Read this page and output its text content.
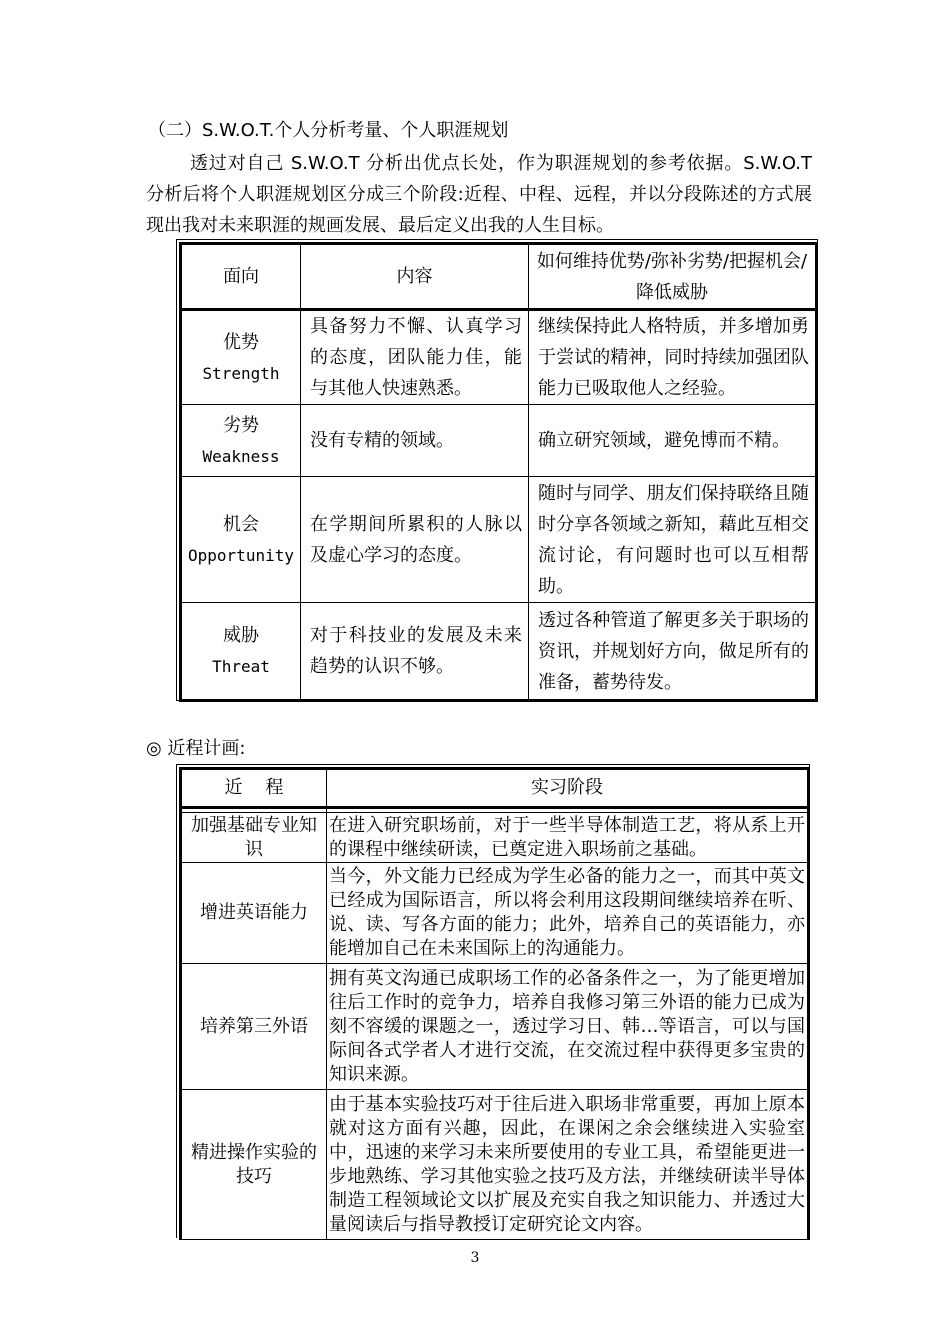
（二）S.W.O.T.个人分析考量、个人职涯规划
透过对自己 S.W.O.T 分析出优点长处，作为职涯规划的参考依据。S.W.O.T 分析后将个人职涯规划区分成三个阶段:近程、中程、远程，并以分段陈述的方式展现出我对未来职涯的规画发展、最后定义出我的人生目标。
面向	内容	如何维持优势/弥补劣势/把握机会/降低威胁

优势
Strength	具备努力不懈、认真学习的态度，团队能力佳，能与其他人快速熟悉。	继续保持此人格特质，并多增加勇于尝试的精神，同时持续加强团队能力已吸取他人之经验。

劣势
Weakness	没有专精的领域。	确立研究领域，避免博而不精。

机会
Opportunity	在学期间所累积的人脉以及虚心学习的态度。	随时与同学、朋友们保持联络且随时分享各领域之新知，藉此互相交流讨论，有问题时也可以互相帮助。

威胁
Threat	对于科技业的发展及未来趋势的认识不够。	透过各种管道了解更多关于职场的资讯，并规划好方向，做足所有的准备，蓄势待发。
◎ 近程计画:
近    程	实习阶段

加强基础专业知识	在进入研究职场前，对于一些半导体制造工艺，将从系上开的课程中继续研读，已奠定进入职场前之基础。
增进英语能力	当今，外文能力已经成为学生必备的能力之一，而其中英文已经成为国际语言，所以将会利用这段期间继续培养在听、说、读、写各方面的能力；此外，培养自己的英语能力，亦能增加自己在未来国际上的沟通能力。
培养第三外语	拥有英文沟通已成职场工作的必备条件之一，为了能更增加往后工作时的竞争力，培养自我修习第三外语的能力已成为刻不容缓的课题之一，透过学习日、韩…等语言，可以与国际间各式学者人才进行交流，在交流过程中获得更多宝贵的知识来源。
精进操作实验的技巧	由于基本实验技巧对于往后进入职场非常重要，再加上原本就对这方面有兴趣，因此，在课闲之余会继续进入实验室中，迅速的来学习未来所要使用的专业工具，希望能更进一步地熟练、学习其他实验之技巧及方法，并继续研读半导体制造工程领域论文以扩展及充实自我之知识能力、并透过大量阅读后与指导教授订定研究论文内容。
3
